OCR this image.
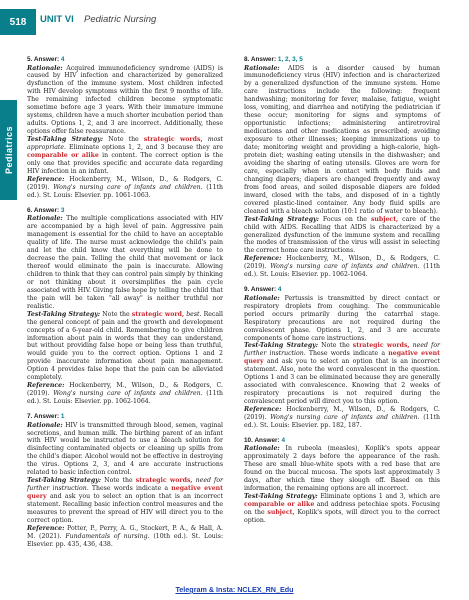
518	UNIT VI Pediatric Nursing
Pediatrics
5. Answer: 4

Rationale: Acquired immunodeficiency syndrome (AIDS) is caused by HIV infection and characterized by generalized dysfunction of the immune system. Most children infected with HIV develop symptoms within the first 9 months of life. The remaining infected children become symptomatic sometime before age 3 years. With their immature immune systems, children have a much shorter incubation period than adults. Options 1, 2, and 3 are incorrect. Additionally, these options offer false reassurance.

Test-Taking Strategy: Note the strategic words, most appropriate. Eliminate options 1, 2, and 3 because they are comparable or alike in content. The correct option is the only one that provides specific and accurate data regarding HIV infection in an infant.

Reference: Hockenberry, M., Wilson, D., & Rodgers, C. (2019). Wong's nursing care of infants and children. (11th ed.). St. Louis: Elsevier. pp. 1061-1063.

6. Answer: 3

Rationale: The multiple complications associated with HIV are accompanied by a high level of pain. Aggressive pain management is essential for the child to have an acceptable quality of life. The nurse must acknowledge the child's pain and let the child know that everything will be done to decrease the pain. Telling the child that movement or lack thereof would eliminate the pain is inaccurate. Allowing children to think that they can control pain simply by thinking or not thinking about it oversimplifies the pain cycle associated with HIV. Giving false hope by telling the child that the pain will be taken "all away" is neither truthful nor realistic.

Test-Taking Strategy: Note the strategic word, best. Recall the general concept of pain and the growth and development concepts of a 6-year-old child. Remembering to give children information about pain in words that they can understand, but without providing false hope or being less than truthful, would guide you to the correct option. Options 1 and 2 provide inaccurate information about pain management. Option 4 provides false hope that the pain can be alleviated completely.

Reference: Hockenberry, M., Wilson, D., & Rodgers, C. (2019). Wong's nursing care of infants and children. (11th ed.). St. Louis: Elsevier. pp. 1062-1064.

7. Answer: 1

Rationale: HIV is transmitted through blood, semen, vaginal secretions, and human milk. The birthing parent of an infant with HIV would be instructed to use a bleach solution for disinfecting contaminated objects or cleaning up spills from the child's diaper. Alcohol would not be effective in destroying the virus. Options 2, 3, and 4 are accurate instructions related to basic infection control.

Test-Taking Strategy: Note the strategic words, need for further instruction. These words indicate a negative event query and ask you to select an option that is an incorrect statement. Recalling basic infection control measures and the measures to prevent the spread of HIV will direct you to the correct option.

Reference: Potter, P., Perry, A. G., Stockert, P. A., & Hall, A. M. (2021). Fundamentals of nursing. (10th ed.). St. Louis: Elsevier. pp. 435, 436, 438.

8. Answer: 1, 2, 3, 5

Rationale: AIDS is a disorder caused by human immunodeficiency virus (HIV) infection and is characterized by a generalized dysfunction of the immune system. Home care instructions include the following: frequent handwashing; monitoring for fever, malaise, fatigue, weight loss, vomiting, and diarrhea and notifying the pediatrician if these occur; monitoring for signs and symptoms of opportunistic infections; administering antiretroviral medications and other medications as prescribed; avoiding exposure to other illnesses; keeping immunizations up to date; monitoring weight and providing a high-calorie, high-protein diet; washing eating utensils in the dishwasher; and avoiding the sharing of eating utensils. Gloves are worn for care, especially when in contact with body fluids and changing diapers; diapers are changed frequently and away from food areas, and soiled disposable diapers are folded inward, closed with the tabs, and disposed of in a tightly covered plastic-lined container. Any body fluid spills are cleaned with a bleach solution (10:1 ratio of water to bleach).

Test-Taking Strategy: Focus on the subject, care of the child with AIDS. Recalling that AIDS is characterized by a generalized dysfunction of the immune system and recalling the modes of transmission of the virus will assist in selecting the correct home care instructions.

Reference: Hockenberry, M., Wilson, D., & Rodgers, C. (2019). Wong's nursing care of infants and children. (11th ed.). St. Louis: Elsevier. pp. 1062-1064.

9. Answer: 4

Rationale: Pertussis is transmitted by direct contact or respiratory droplets from coughing. The communicable period occurs primarily during the catarrhal stage. Respiratory precautions are not required during the convalescent phase. Options 1, 2, and 3 are accurate components of home care instructions.

Test-Taking Strategy: Note the strategic words, need for further instruction. These words indicate a negative event query and ask you to select an option that is an incorrect statement. Also, note the word convalescent in the question. Options 1 and 3 can be eliminated because they are generally associated with convalescence. Knowing that 2 weeks of respiratory precautions is not required during the convalescent period will direct you to this option.

Reference: Hockenberry, M., Wilson, D., & Rodgers, C. (2019). Wong's nursing care of infants and children. (11th ed.). St. Louis: Elsevier. pp. 182, 187.

10. Answer: 4

Rationale: In rubeola (measles), Koplik's spots appear approximately 2 days before the appearance of the rash. These are small blue-white spots with a red base that are found on the buccal mucosa. The spots last approximately 3 days, after which time they slough off. Based on this information, the remaining options are all incorrect.

Test-Taking Strategy: Eliminate options 1 and 3, which are comparable or alike and address petechiae spots. Focusing on the subject, Koplik's spots, will direct you to the correct option.

Telegram & Insta: NCLEX_RN_Edu
